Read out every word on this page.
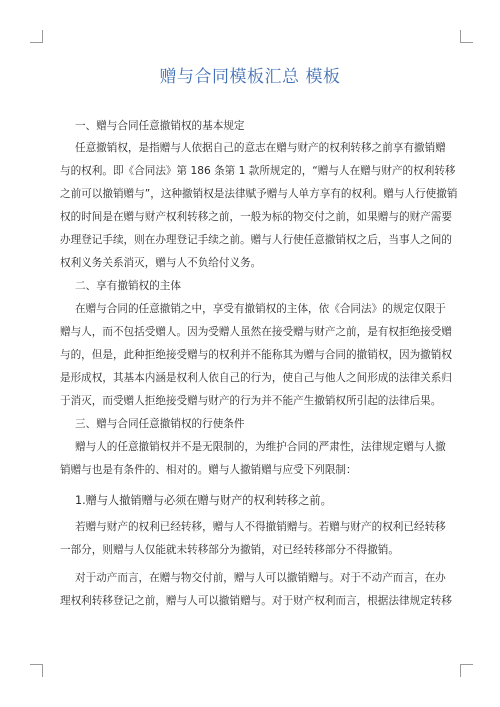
赠与合同模板汇总 模板
一、赠与合同任意撤销权的基本规定
任意撤销权，是指赠与人依据自己的意志在赠与财产的权利转移之前享有撤销赠
与的权利。即《合同法》第 186 条第 1 款所规定的，“赠与人在赠与财产的权利转移
之前可以撤销赠与”，这种撤销权是法律赋予赠与人单方享有的权利。赠与人行使撤销
权的时间是在赠与财产权利转移之前，一般为标的物交付之前，如果赠与的财产需要
办理登记手续，则在办理登记手续之前。赠与人行使任意撤销权之后，当事人之间的
权利义务关系消灭，赠与人不负给付义务。
二、享有撤销权的主体
在赠与合同的任意撤销之中，享受有撤销权的主体，依《合同法》的规定仅限于
赠与人，而不包括受赠人。因为受赠人虽然在接受赠与财产之前，是有权拒绝接受赠
与的，但是，此种拒绝接受赠与的权利并不能称其为赠与合同的撤销权，因为撤销权
是形成权，其基本内涵是权利人依自己的行为，使自己与他人之间形成的法律关系归
于消灭，而受赠人拒绝接受赠与财产的行为并不能产生撤销权所引起的法律后果。
三、赠与合同任意撤销权的行使条件
赠与人的任意撤销权并不是无限制的，为维护合同的严肃性，法律规定赠与人撤
销赠与也是有条件的、相对的。赠与人撤销赠与应受下列限制：
1.赠与人撤销赠与必须在赠与财产的权利转移之前。
若赠与财产的权利已经转移，赠与人不得撤销赠与。若赠与财产的权利已经转移
一部分，则赠与人仅能就未转移部分为撤销，对已经转移部分不得撤销。
对于动产而言，在赠与物交付前，赠与人可以撤销赠与。对于不动产而言，在办
理权利转移登记之前，赠与人可以撤销赠与。对于财产权利而言，根据法律规定转移
